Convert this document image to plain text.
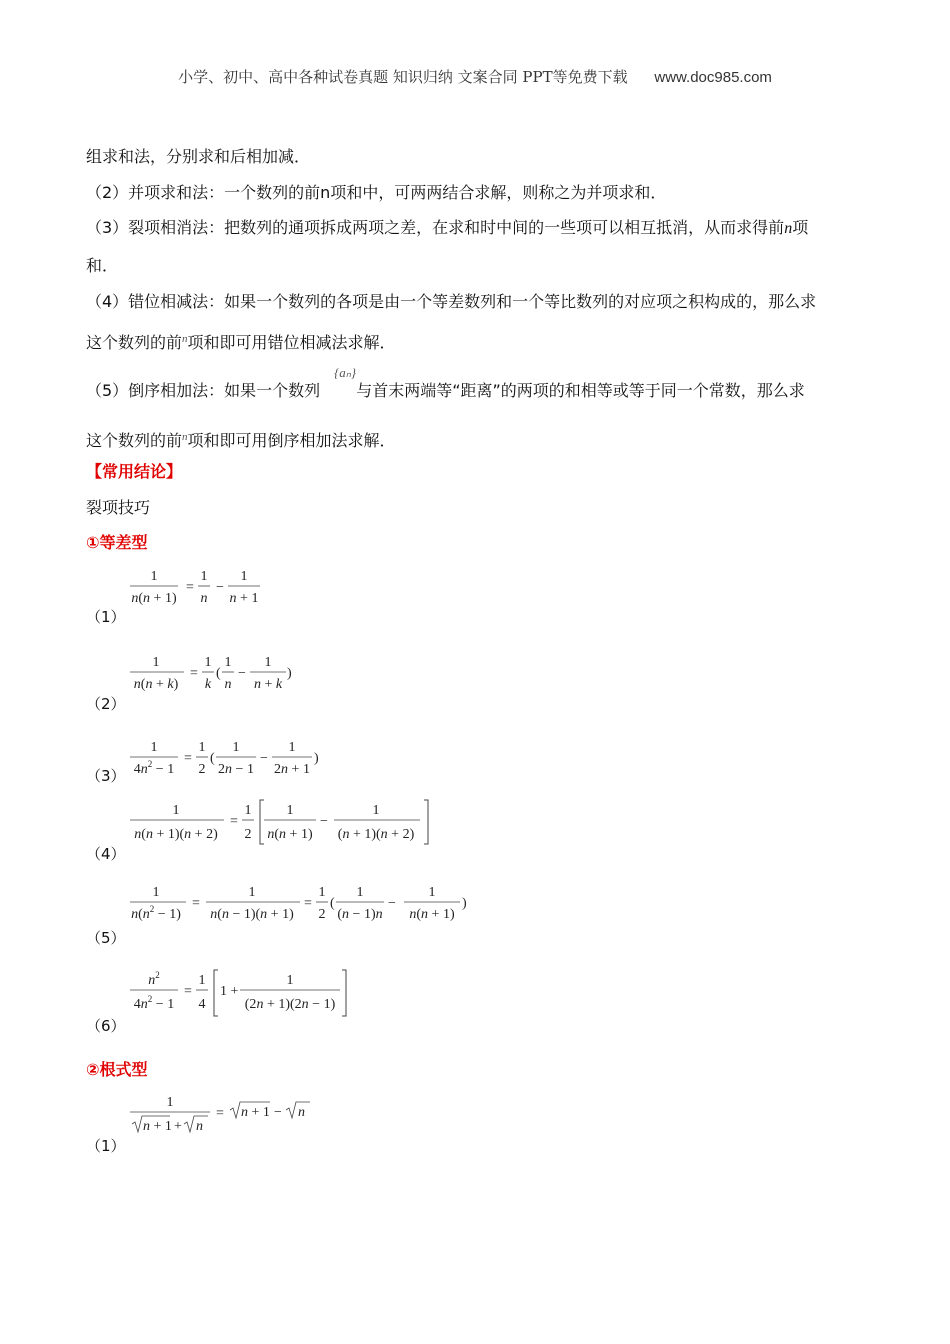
小学、初中、高中各种试卷真题 知识归纳 文案合同 PPT等免费下载 www.doc985.com
组求和法，分别求和后相加减．
（2）并项求和法：一个数列的前n项和中，可两两结合求解，则称之为并项求和．
（3）裂项相消法：把数列的通项拆成两项之差，在求和时中间的一些项可以相互抵消，从而求得前n项
和．
（4）错位相减法：如果一个数列的各项是由一个等差数列和一个等比数列的对应项之积构成的，那么求
这个数列的前$^n$项和即可用错位相减法求解．
{aₙ}
（5）倒序相加法：如果一个数列 与首末两端等“距离”的两项的和相等或等于同一个常数，那么求
这个数列的前$^n$项和即可用倒序相加法求解．
【常用结论】
裂项技巧
①等差型
1
n(n + 1)
=
1
n
−
1
n + 1
（1）
1
n(n + k)
=
1
k
(
1
n
−
1
n + k
)
（2）
1
$4n^2 - 1$
=
1
2
(
1
2n − 1
−
1
2n + 1
)
（3）
1
n(n + 1)(n + 2)
=
1
2
1
n(n + 1)
−
1
(n + 1)(n + 2)
（4）
1
$n(n^2 - 1)$
=
1
n(n − 1)(n + 1)
=
1
2
(
1
(n − 1)n
−
1
n(n + 1)
)
（5）
$n^2$
$4n^2 - 1$
=
1
4
1 +
1
(2n + 1)(2n − 1)
（6）
②根式型
1
n + 1 + n
= n + 1 − n
（1）
